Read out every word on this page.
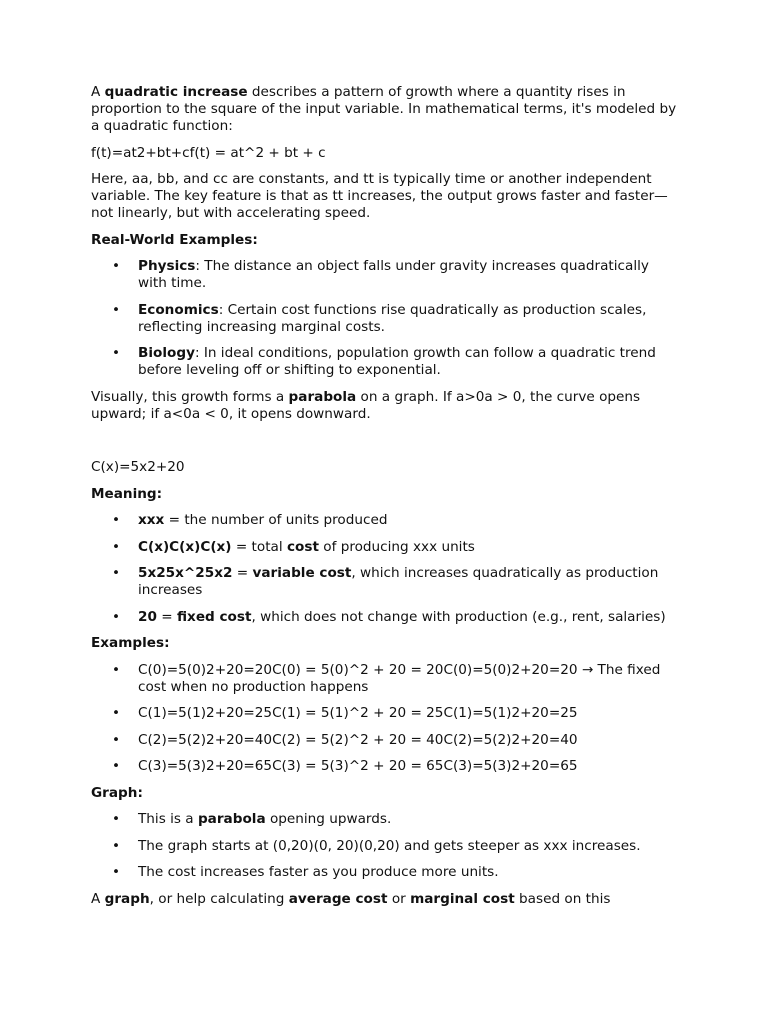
A quadratic increase describes a pattern of growth where a quantity rises in proportion to the square of the input variable. In mathematical terms, it's modeled by a quadratic function:

f(t)=at2+bt+cf(t) = at^2 + bt + c

Here, aa, bb, and cc are constants, and tt is typically time or another independent variable. The key feature is that as tt increases, the output grows faster and faster—not linearly, but with accelerating speed.

Real-World Examples:

• Physics: The distance an object falls under gravity increases quadratically with time.
• Economics: Certain cost functions rise quadratically as production scales, reflecting increasing marginal costs.
• Biology: In ideal conditions, population growth can follow a quadratic trend before leveling off or shifting to exponential.

Visually, this growth forms a parabola on a graph. If a>0a > 0, the curve opens upward; if a<0a < 0, it opens downward.

C(x)=5x2+20

Meaning:

• xxx = the number of units produced
• C(x)C(x)C(x) = total cost of producing xxx units
• 5x25x^25x2 = variable cost, which increases quadratically as production increases
• 20 = fixed cost, which does not change with production (e.g., rent, salaries)

Examples:

• C(0)=5(0)2+20=20C(0) = 5(0)^2 + 20 = 20C(0)=5(0)2+20=20 → The fixed cost when no production happens
• C(1)=5(1)2+20=25C(1) = 5(1)^2 + 20 = 25C(1)=5(1)2+20=25
• C(2)=5(2)2+20=40C(2) = 5(2)^2 + 20 = 40C(2)=5(2)2+20=40
• C(3)=5(3)2+20=65C(3) = 5(3)^2 + 20 = 65C(3)=5(3)2+20=65

Graph:

• This is a parabola opening upwards.
• The graph starts at (0,20)(0, 20)(0,20) and gets steeper as xxx increases.
• The cost increases faster as you produce more units.

A graph, or help calculating average cost or marginal cost based on this
